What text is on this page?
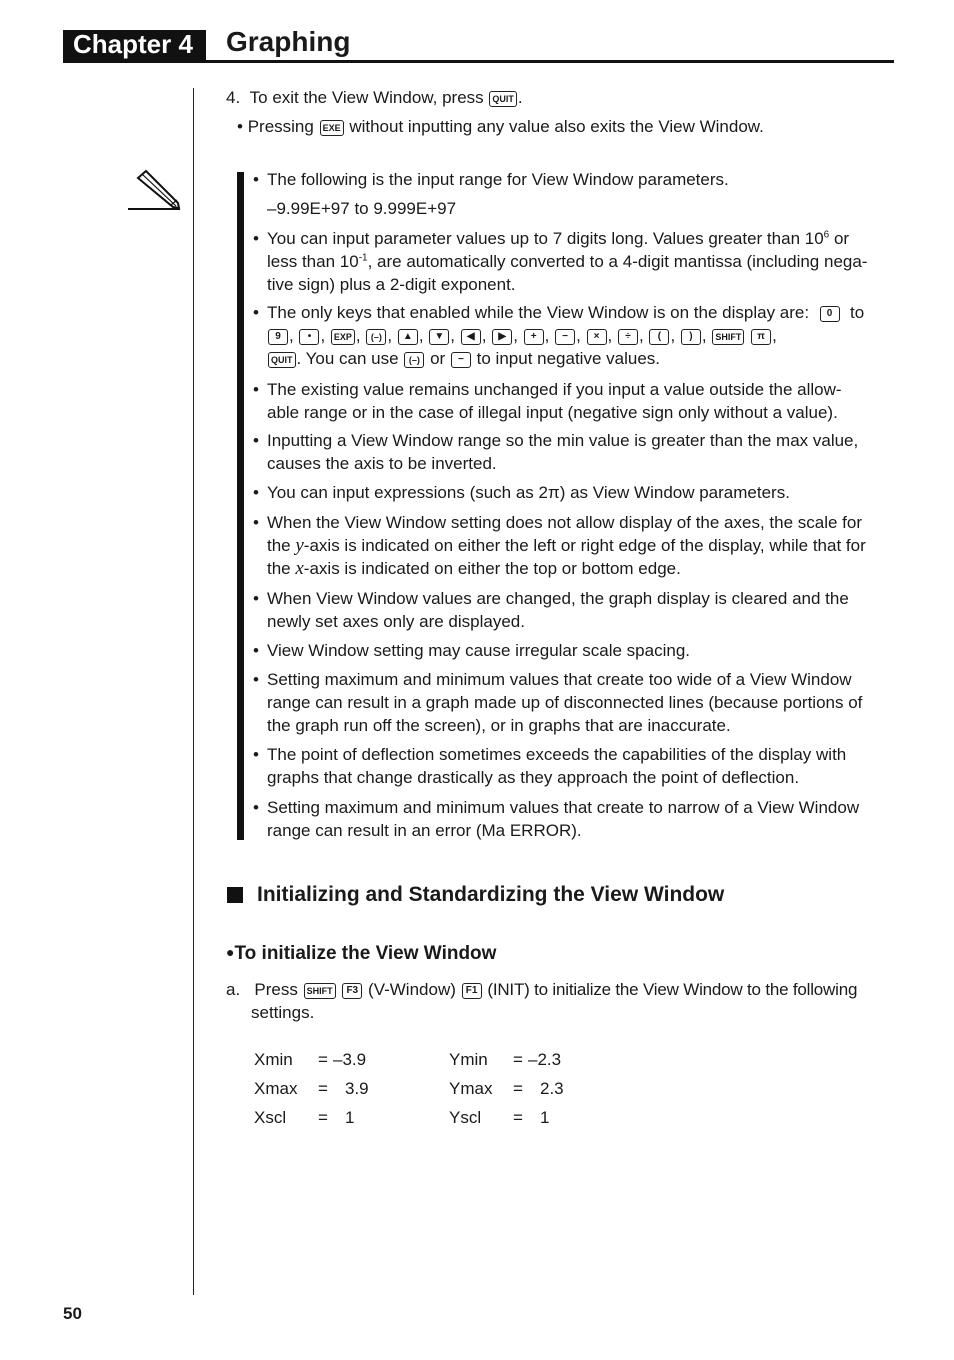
Chapter 4 Graphing
4. To exit the View Window, press QUIT .
• Pressing EXE without inputting any value also exits the View Window.
• The following is the input range for View Window parameters.
–9.99E+97 to 9.999E+97
• You can input parameter values up to 7 digits long. Values greater than $10^6$ or
less than $10^{-1}$, are automatically converted to a 4-digit mantissa (including nega-
tive sign) plus a 2-digit exponent.
• The only keys that enabled while the View Window is on the display are: 0 to
9 , • , EXP , (–) , ▲ , ▼ , ◀ , ▶ , + , − , × , ÷ , ( , ) , SHIFT π ,
QUIT . You can use (–) or − to input negative values.
• The existing value remains unchanged if you input a value outside the allow-
able range or in the case of illegal input (negative sign only without a value).
• Inputting a View Window range so the min value is greater than the max value,
causes the axis to be inverted.
• You can input expressions (such as 2π) as View Window parameters.
• When the View Window setting does not allow display of the axes, the scale for
the y-axis is indicated on either the left or right edge of the display, while that for
the x-axis is indicated on either the top or bottom edge.
• When View Window values are changed, the graph display is cleared and the
newly set axes only are displayed.
• View Window setting may cause irregular scale spacing.
• Setting maximum and minimum values that create too wide of a View Window
range can result in a graph made up of disconnected lines (because portions of
the graph run off the screen), or in graphs that are inaccurate.
• The point of deflection sometimes exceeds the capabilities of the display with
graphs that change drastically as they approach the point of deflection.
• Setting maximum and minimum values that create to narrow of a View Window
range can result in an error (Ma ERROR).
Initializing and Standardizing the View Window
●To initialize the View Window
a. Press SHIFT F3 (V-Window) F1 (INIT) to initialize the View Window to the following
settings.
Xmin = –3.9	Ymin = –2.3
Xmax = 3.9	Ymax = 2.3
Xscl = 1	Yscl = 1
50
